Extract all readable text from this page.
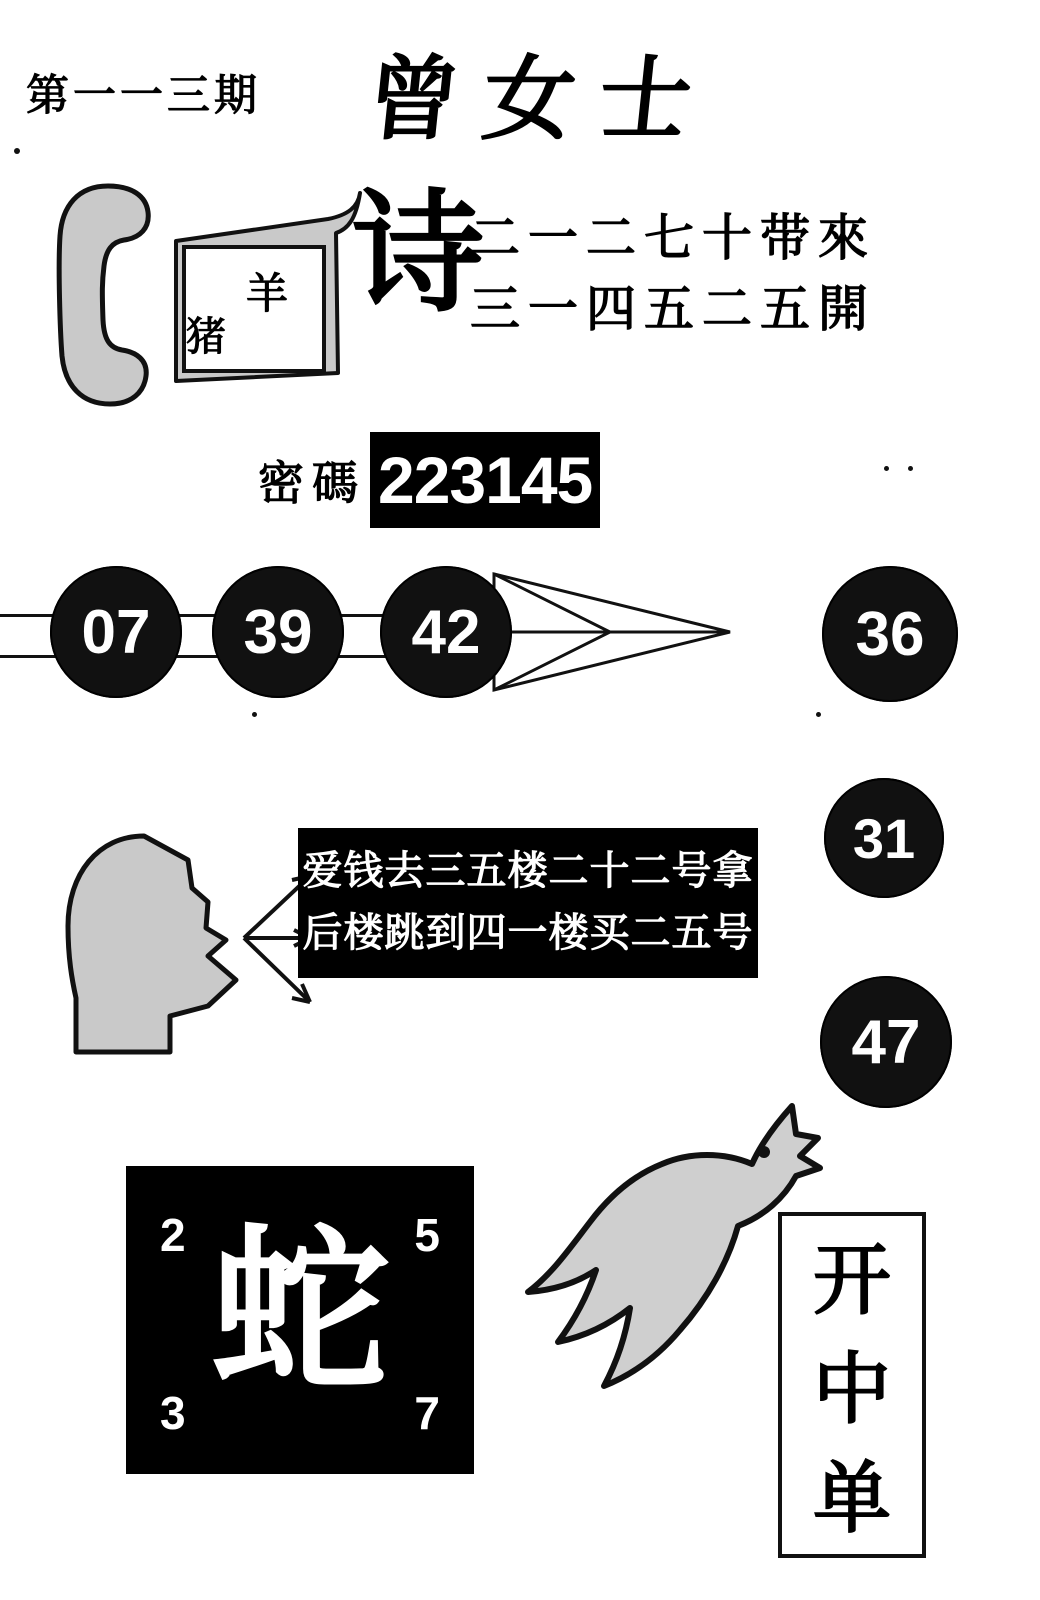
第一一三期 曾女士
猪
羊 诗
二一二七十带來
三一四五二五開
密碼 223145
07	39	42	36
31
47
爱钱去三五楼二十二号拿
后楼跳到四一楼买二五号
2	5
3	7
蛇	开中单
